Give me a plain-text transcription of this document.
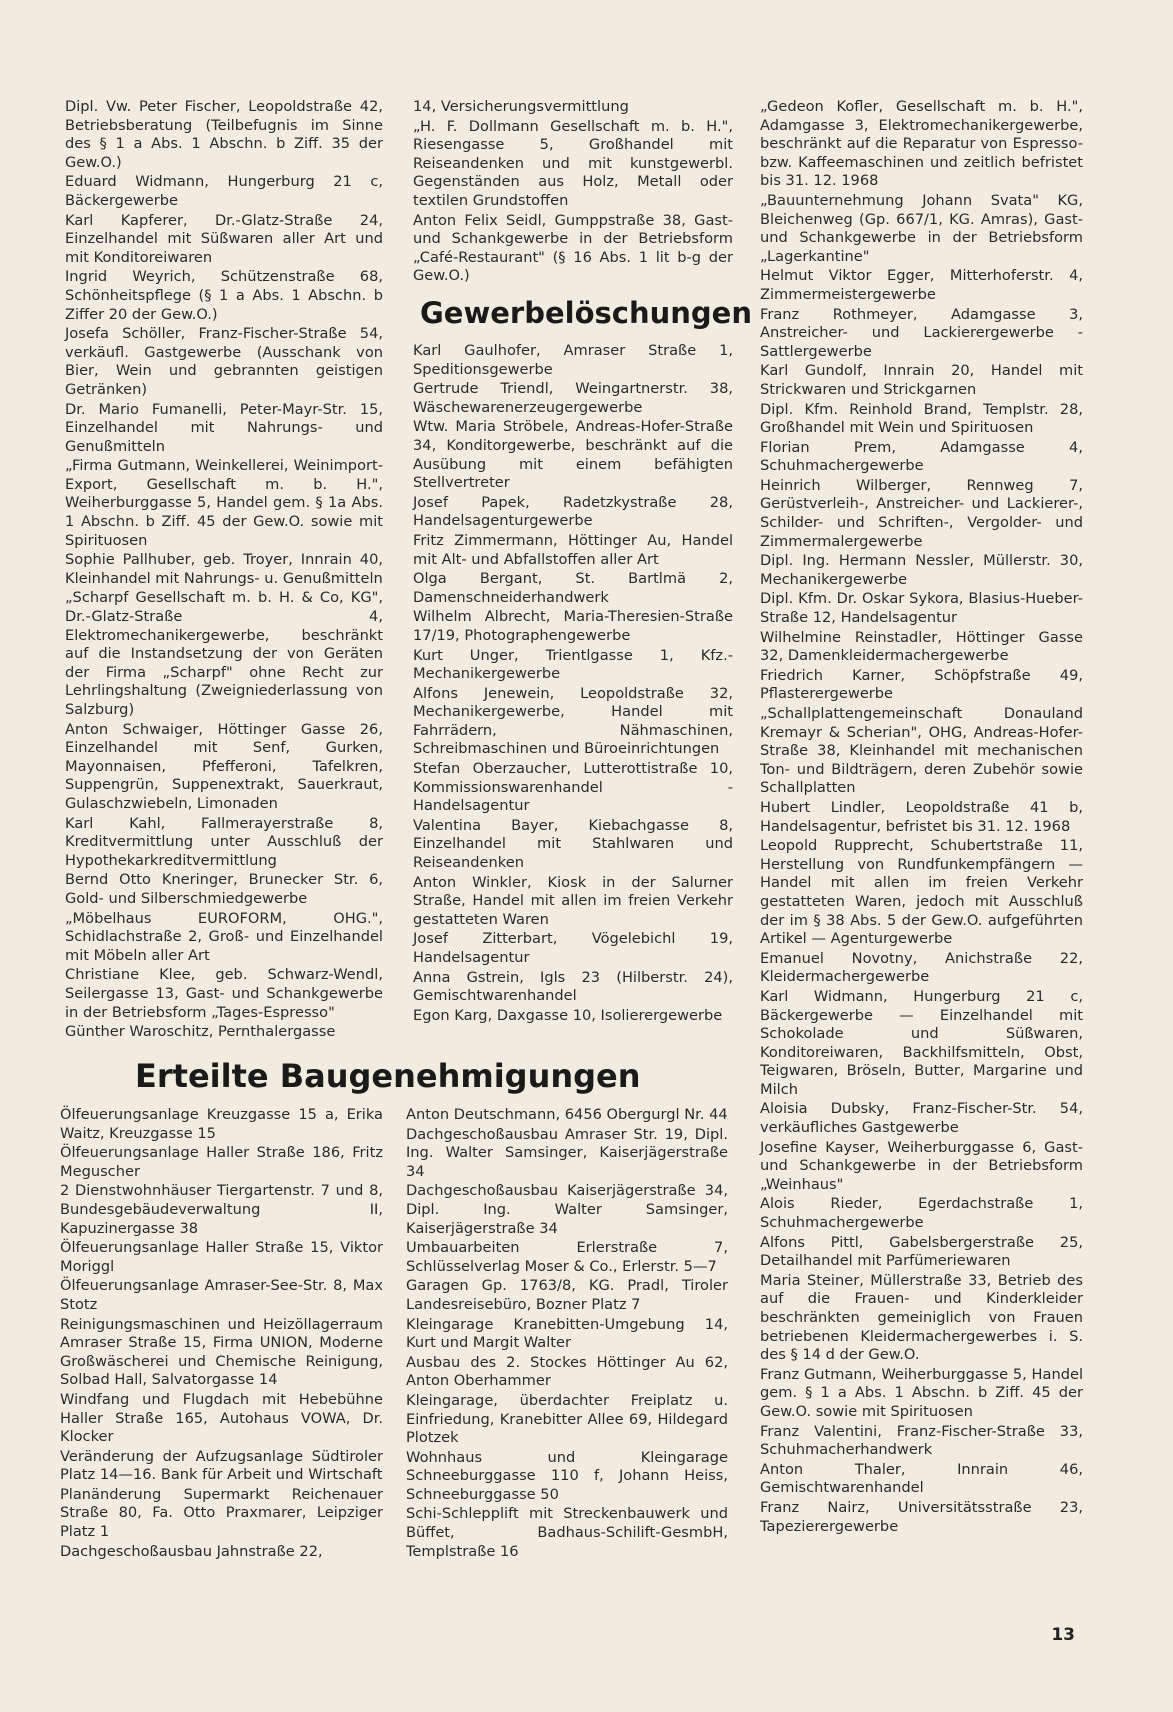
Dipl. Vw. Peter Fischer, Leopoldstraße 42, Betriebsberatung (Teilbefugnis im Sinne des § 1 a Abs. 1 Abschn. b Ziff. 35 der Gew.O.)

Eduard Widmann, Hungerburg 21 c, Bäckergewerbe

Karl Kapferer, Dr.-Glatz-Straße 24, Einzelhandel mit Süßwaren aller Art und mit Konditoreiwaren

Ingrid Weyrich, Schützenstraße 68, Schönheitspflege (§ 1 a Abs. 1 Abschn. b Ziffer 20 der Gew.O.)

Josefa Schöller, Franz-Fischer-Straße 54, verkäufl. Gastgewerbe (Ausschank von Bier, Wein und gebrannten geistigen Getränken)

Dr. Mario Fumanelli, Peter-Mayr-Str. 15, Einzelhandel mit Nahrungs- und Genußmitteln

„Firma Gutmann, Weinkellerei, Weinimport-Export, Gesellschaft m. b. H.", Weiherburggasse 5, Handel gem. § 1a Abs. 1 Abschn. b Ziff. 45 der Gew.O. sowie mit Spirituosen

Sophie Pallhuber, geb. Troyer, Innrain 40, Kleinhandel mit Nahrungs- u. Genußmitteln

„Scharpf Gesellschaft m. b. H. & Co, KG", Dr.-Glatz-Straße 4, Elektromechanikergewerbe, beschränkt auf die Instandsetzung der von Geräten der Firma „Scharpf" ohne Recht zur Lehrlingshaltung (Zweigniederlassung von Salzburg)

Anton Schwaiger, Höttinger Gasse 26, Einzelhandel mit Senf, Gurken, Mayonnaisen, Pfefferoni, Tafelkren, Suppengrün, Suppenextrakt, Sauerkraut, Gulaschzwiebeln, Limonaden

Karl Kahl, Fallmerayerstraße 8, Kreditvermittlung unter Ausschluß der Hypothekarkreditvermittlung

Bernd Otto Kneringer, Brunecker Str. 6, Gold- und Silberschmiedgewerbe

„Möbelhaus EUROFORM, OHG.", Schidlachstraße 2, Groß- und Einzelhandel mit Möbeln aller Art

Christiane Klee, geb. Schwarz-Wendl, Seilergasse 13, Gast- und Schankgewerbe in der Betriebsform „Tages-Espresso"

Günther Waroschitz, Pernthalergasse

14, Versicherungsvermittlung

„H. F. Dollmann Gesellschaft m. b. H.", Riesengasse 5, Großhandel mit Reiseandenken und mit kunstgewerbl. Gegenständen aus Holz, Metall oder textilen Grundstoffen

Anton Felix Seidl, Gumppstraße 38, Gast- und Schankgewerbe in der Betriebsform „Café-Restaurant" (§ 16 Abs. 1 lit b-g der Gew.O.)

Gewerbelöschungen

Karl Gaulhofer, Amraser Straße 1, Speditionsgewerbe

Gertrude Triendl, Weingartnerstr. 38, Wäschewarenerzeugergewerbe

Wtw. Maria Ströbele, Andreas-Hofer-Straße 34, Konditorgewerbe, beschränkt auf die Ausübung mit einem befähigten Stellvertreter

Josef Papek, Radetzkystraße 28, Handelsagenturgewerbe

Fritz Zimmermann, Höttinger Au, Handel mit Alt- und Abfallstoffen aller Art

Olga Bergant, St. Bartlmä 2, Damenschneiderhandwerk

Wilhelm Albrecht, Maria-Theresien-Straße 17/19, Photographengewerbe

Kurt Unger, Trientlgasse 1, Kfz.-Mechanikergewerbe

Alfons Jenewein, Leopoldstraße 32, Mechanikergewerbe, Handel mit Fahrrädern, Nähmaschinen, Schreibmaschinen und Büroeinrichtungen

Stefan Oberzaucher, Lutterottistraße 10, Kommissionswarenhandel - Handelsagentur

Valentina Bayer, Kiebachgasse 8, Einzelhandel mit Stahlwaren und Reiseandenken

Anton Winkler, Kiosk in der Salurner Straße, Handel mit allen im freien Verkehr gestatteten Waren

Josef Zitterbart, Vögelebichl 19, Handelsagentur

Anna Gstrein, Igls 23 (Hilberstr. 24), Gemischtwarenhandel

Egon Karg, Daxgasse 10, Isolierergewerbe

„Gedeon Kofler, Gesellschaft m. b. H.", Adamgasse 3, Elektromechanikergewerbe, beschränkt auf die Reparatur von Espresso- bzw. Kaffeemaschinen und zeitlich befristet bis 31. 12. 1968

„Bauunternehmung Johann Svata" KG, Bleichenweg (Gp. 667/1, KG. Amras), Gast- und Schankgewerbe in der Betriebsform „Lagerkantine"

Helmut Viktor Egger, Mitterhoferstr. 4, Zimmermeistergewerbe

Franz Rothmeyer, Adamgasse 3, Anstreicher- und Lackierergewerbe - Sattlergewerbe

Karl Gundolf, Innrain 20, Handel mit Strickwaren und Strickgarnen

Dipl. Kfm. Reinhold Brand, Templstr. 28, Großhandel mit Wein und Spirituosen

Florian Prem, Adamgasse 4, Schuhmachergewerbe

Heinrich Wilberger, Rennweg 7, Gerüstverleih-, Anstreicher- und Lackierer-, Schilder- und Schriften-, Vergolder- und Zimmermalergewerbe

Dipl. Ing. Hermann Nessler, Müllerstr. 30, Mechanikergewerbe

Dipl. Kfm. Dr. Oskar Sykora, Blasius-Hueber-Straße 12, Handelsagentur

Wilhelmine Reinstadler, Höttinger Gasse 32, Damenkleidermachergewerbe

Friedrich Karner, Schöpfstraße 49, Pflasterergewerbe

„Schallplattengemeinschaft Donauland Kremayr & Scherian", OHG, Andreas-Hofer-Straße 38, Kleinhandel mit mechanischen Ton- und Bildträgern, deren Zubehör sowie Schallplatten

Hubert Lindler, Leopoldstraße 41 b, Handelsagentur, befristet bis 31. 12. 1968

Leopold Rupprecht, Schubertstraße 11, Herstellung von Rundfunkempfängern — Handel mit allen im freien Verkehr gestatteten Waren, jedoch mit Ausschluß der im § 38 Abs. 5 der Gew.O. aufgeführten Artikel — Agenturgewerbe

Emanuel Novotny, Anichstraße 22, Kleidermachergewerbe

Karl Widmann, Hungerburg 21 c, Bäckergewerbe — Einzelhandel mit Schokolade und Süßwaren, Konditoreiwaren, Backhilfsmitteln, Obst, Teigwaren, Bröseln, Butter, Margarine und Milch

Aloisia Dubsky, Franz-Fischer-Str. 54, verkäufliches Gastgewerbe

Josefine Kayser, Weiherburggasse 6, Gast- und Schankgewerbe in der Betriebsform „Weinhaus"

Alois Rieder, Egerdachstraße 1, Schuhmachergewerbe

Alfons Pittl, Gabelsbergerstraße 25, Detailhandel mit Parfümeriewaren

Maria Steiner, Müllerstraße 33, Betrieb des auf die Frauen- und Kinderkleider beschränkten gemeiniglich von Frauen betriebenen Kleidermachergewerbes i. S. des § 14 d der Gew.O.

Franz Gutmann, Weiherburggasse 5, Handel gem. § 1 a Abs. 1 Abschn. b Ziff. 45 der Gew.O. sowie mit Spirituosen

Franz Valentini, Franz-Fischer-Straße 33, Schuhmacherhandwerk

Anton Thaler, Innrain 46, Gemischtwarenhandel

Franz Nairz, Universitätsstraße 23, Tapezierergewerbe

Erteilte Baugenehmigungen

Ölfeuerungsanlage Kreuzgasse 15 a, Erika Waitz, Kreuzgasse 15

Ölfeuerungsanlage Haller Straße 186, Fritz Meguscher

2 Dienstwohnhäuser Tiergartenstr. 7 und 8, Bundesgebäudeverwaltung II, Kapuzinergasse 38

Ölfeuerungsanlage Haller Straße 15, Viktor Moriggl

Ölfeuerungsanlage Amraser-See-Str. 8, Max Stotz

Reinigungsmaschinen und Heizöllagerraum Amraser Straße 15, Firma UNION, Moderne Großwäscherei und Chemische Reinigung, Solbad Hall, Salvatorgasse 14

Windfang und Flugdach mit Hebebühne Haller Straße 165, Autohaus VOWA, Dr. Klocker

Veränderung der Aufzugsanlage Südtiroler Platz 14—16. Bank für Arbeit und Wirtschaft

Planänderung Supermarkt Reichenauer Straße 80, Fa. Otto Praxmarer, Leipziger Platz 1

Dachgeschoßausbau Jahnstraße 22,

Anton Deutschmann, 6456 Obergurgl Nr. 44

Dachgeschoßausbau Amraser Str. 19, Dipl. Ing. Walter Samsinger, Kaiserjägerstraße 34

Dachgeschoßausbau Kaiserjägerstraße 34, Dipl. Ing. Walter Samsinger, Kaiserjägerstraße 34

Umbauarbeiten Erlerstraße 7, Schlüsselverlag Moser & Co., Erlerstr. 5—7

Garagen Gp. 1763/8, KG. Pradl, Tiroler Landesreisebüro, Bozner Platz 7

Kleingarage Kranebitten-Umgebung 14, Kurt und Margit Walter

Ausbau des 2. Stockes Höttinger Au 62, Anton Oberhammer

Kleingarage, überdachter Freiplatz u. Einfriedung, Kranebitter Allee 69, Hildegard Plotzek

Wohnhaus und Kleingarage Schneeburggasse 110 f, Johann Heiss, Schneeburggasse 50

Schi-Schlepplift mit Streckenbauwerk und Büffet, Badhaus-Schilift-GesmbH, Templstraße 16

13
